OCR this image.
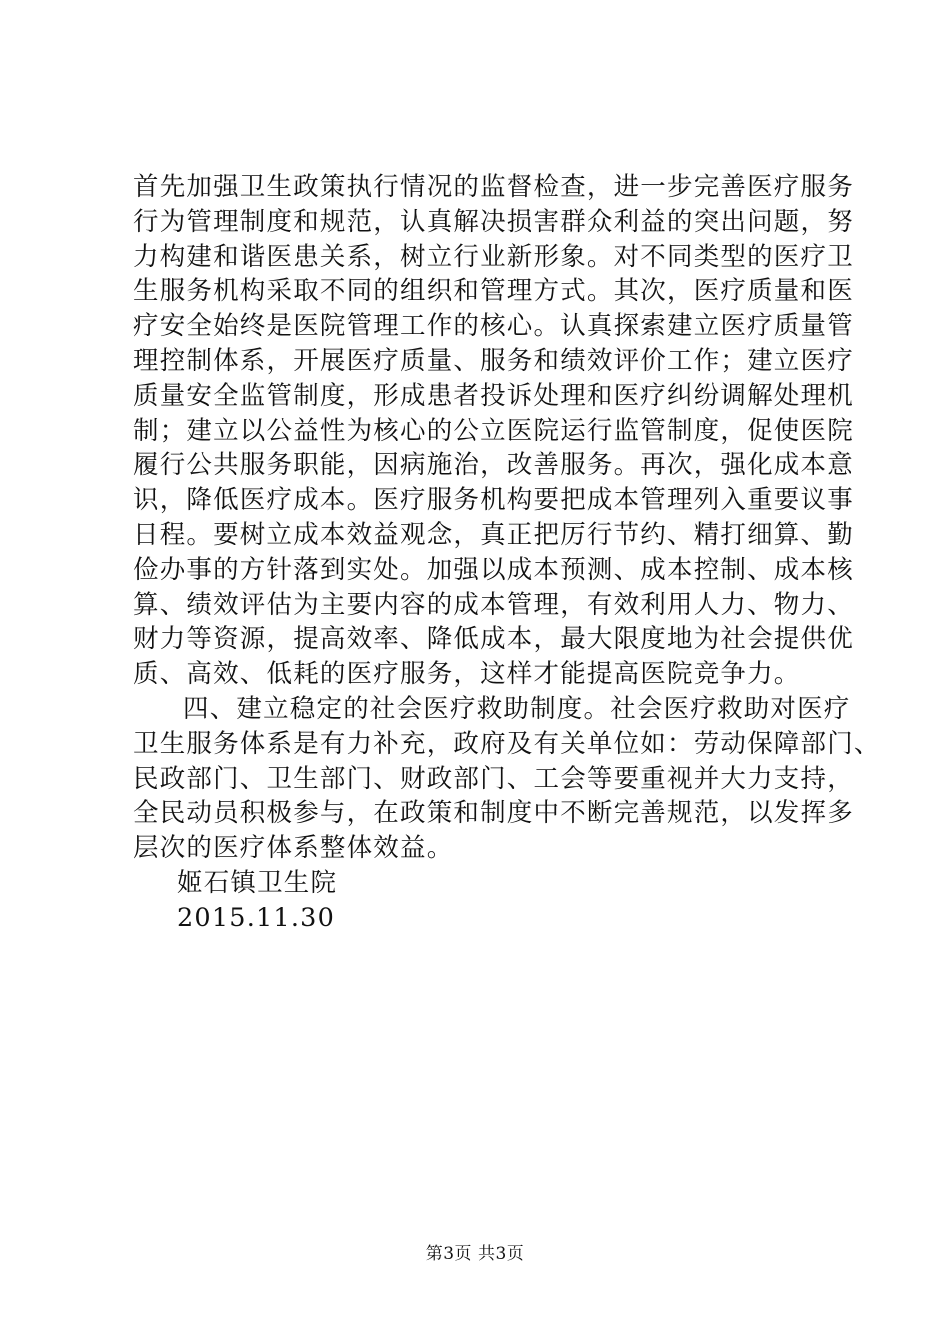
首先加强卫生政策执行情况的监督检查，进一步完善医疗服务
行为管理制度和规范，认真解决损害群众利益的突出问题，努
力构建和谐医患关系，树立行业新形象。对不同类型的医疗卫
生服务机构采取不同的组织和管理方式。其次，医疗质量和医
疗安全始终是医院管理工作的核心。认真探索建立医疗质量管
理控制体系，开展医疗质量、服务和绩效评价工作；建立医疗
质量安全监管制度，形成患者投诉处理和医疗纠纷调解处理机
制；建立以公益性为核心的公立医院运行监管制度，促使医院
履行公共服务职能，因病施治，改善服务。再次，强化成本意
识，降低医疗成本。医疗服务机构要把成本管理列入重要议事
日程。要树立成本效益观念，真正把厉行节约、精打细算、勤
俭办事的方针落到实处。加强以成本预测、成本控制、成本核
算、绩效评估为主要内容的成本管理，有效利用人力、物力、
财力等资源，提高效率、降低成本，最大限度地为社会提供优
质、高效、低耗的医疗服务，这样才能提高医院竞争力。
四、建立稳定的社会医疗救助制度。社会医疗救助对医疗
卫生服务体系是有力补充，政府及有关单位如：劳动保障部门、
民政部门、卫生部门、财政部门、工会等要重视并大力支持，
全民动员积极参与，在政策和制度中不断完善规范，以发挥多
层次的医疗体系整体效益。
姬石镇卫生院
2015.11.30
第3页 共3页
